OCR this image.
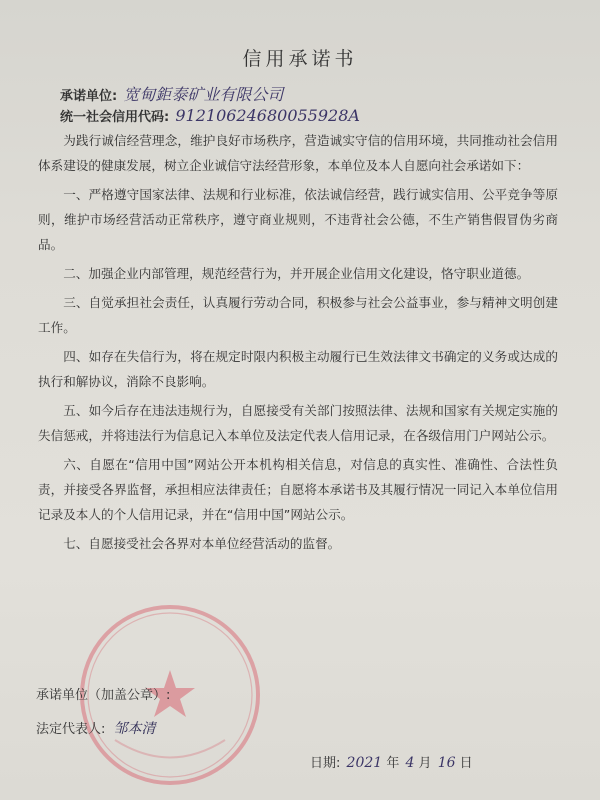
信用承诺书
承诺单位: 宽甸鉅泰矿业有限公司
统一社会信用代码: 91210624680055928A

为践行诚信经营理念，维护良好市场秩序，营造诚实守信的信用环境，共同推动社会信用体系建设的健康发展，树立企业诚信守法经营形象，本单位及本人自愿向社会承诺如下：

一、严格遵守国家法律、法规和行业标准，依法诚信经营，践行诚实信用、公平竞争等原则，维护市场经营活动正常秩序，遵守商业规则，不违背社会公德，不生产销售假冒伪劣商品。

二、加强企业内部管理，规范经营行为，并开展企业信用文化建设，恪守职业道德。

三、自觉承担社会责任，认真履行劳动合同，积极参与社会公益事业，参与精神文明创建工作。

四、如存在失信行为，将在规定时限内积极主动履行已生效法律文书确定的义务或达成的执行和解协议，消除不良影响。

五、如今后存在违法违规行为，自愿接受有关部门按照法律、法规和国家有关规定实施的失信惩戒，并将违法行为信息记入本单位及法定代表人信用记录，在各级信用门户网站公示。

六、自愿在“信用中国”网站公开本机构相关信息，对信息的真实性、准确性、合法性负责，并接受各界监督，承担相应法律责任；自愿将本承诺书及其履行情况一同记入本单位信用记录及本人的个人信用记录，并在“信用中国”网站公示。

七、自愿接受社会各界对本单位经营活动的监督。

承诺单位（加盖公章）:
法定代表人: 邹本清
日期: 2021 年 4 月 16 日
